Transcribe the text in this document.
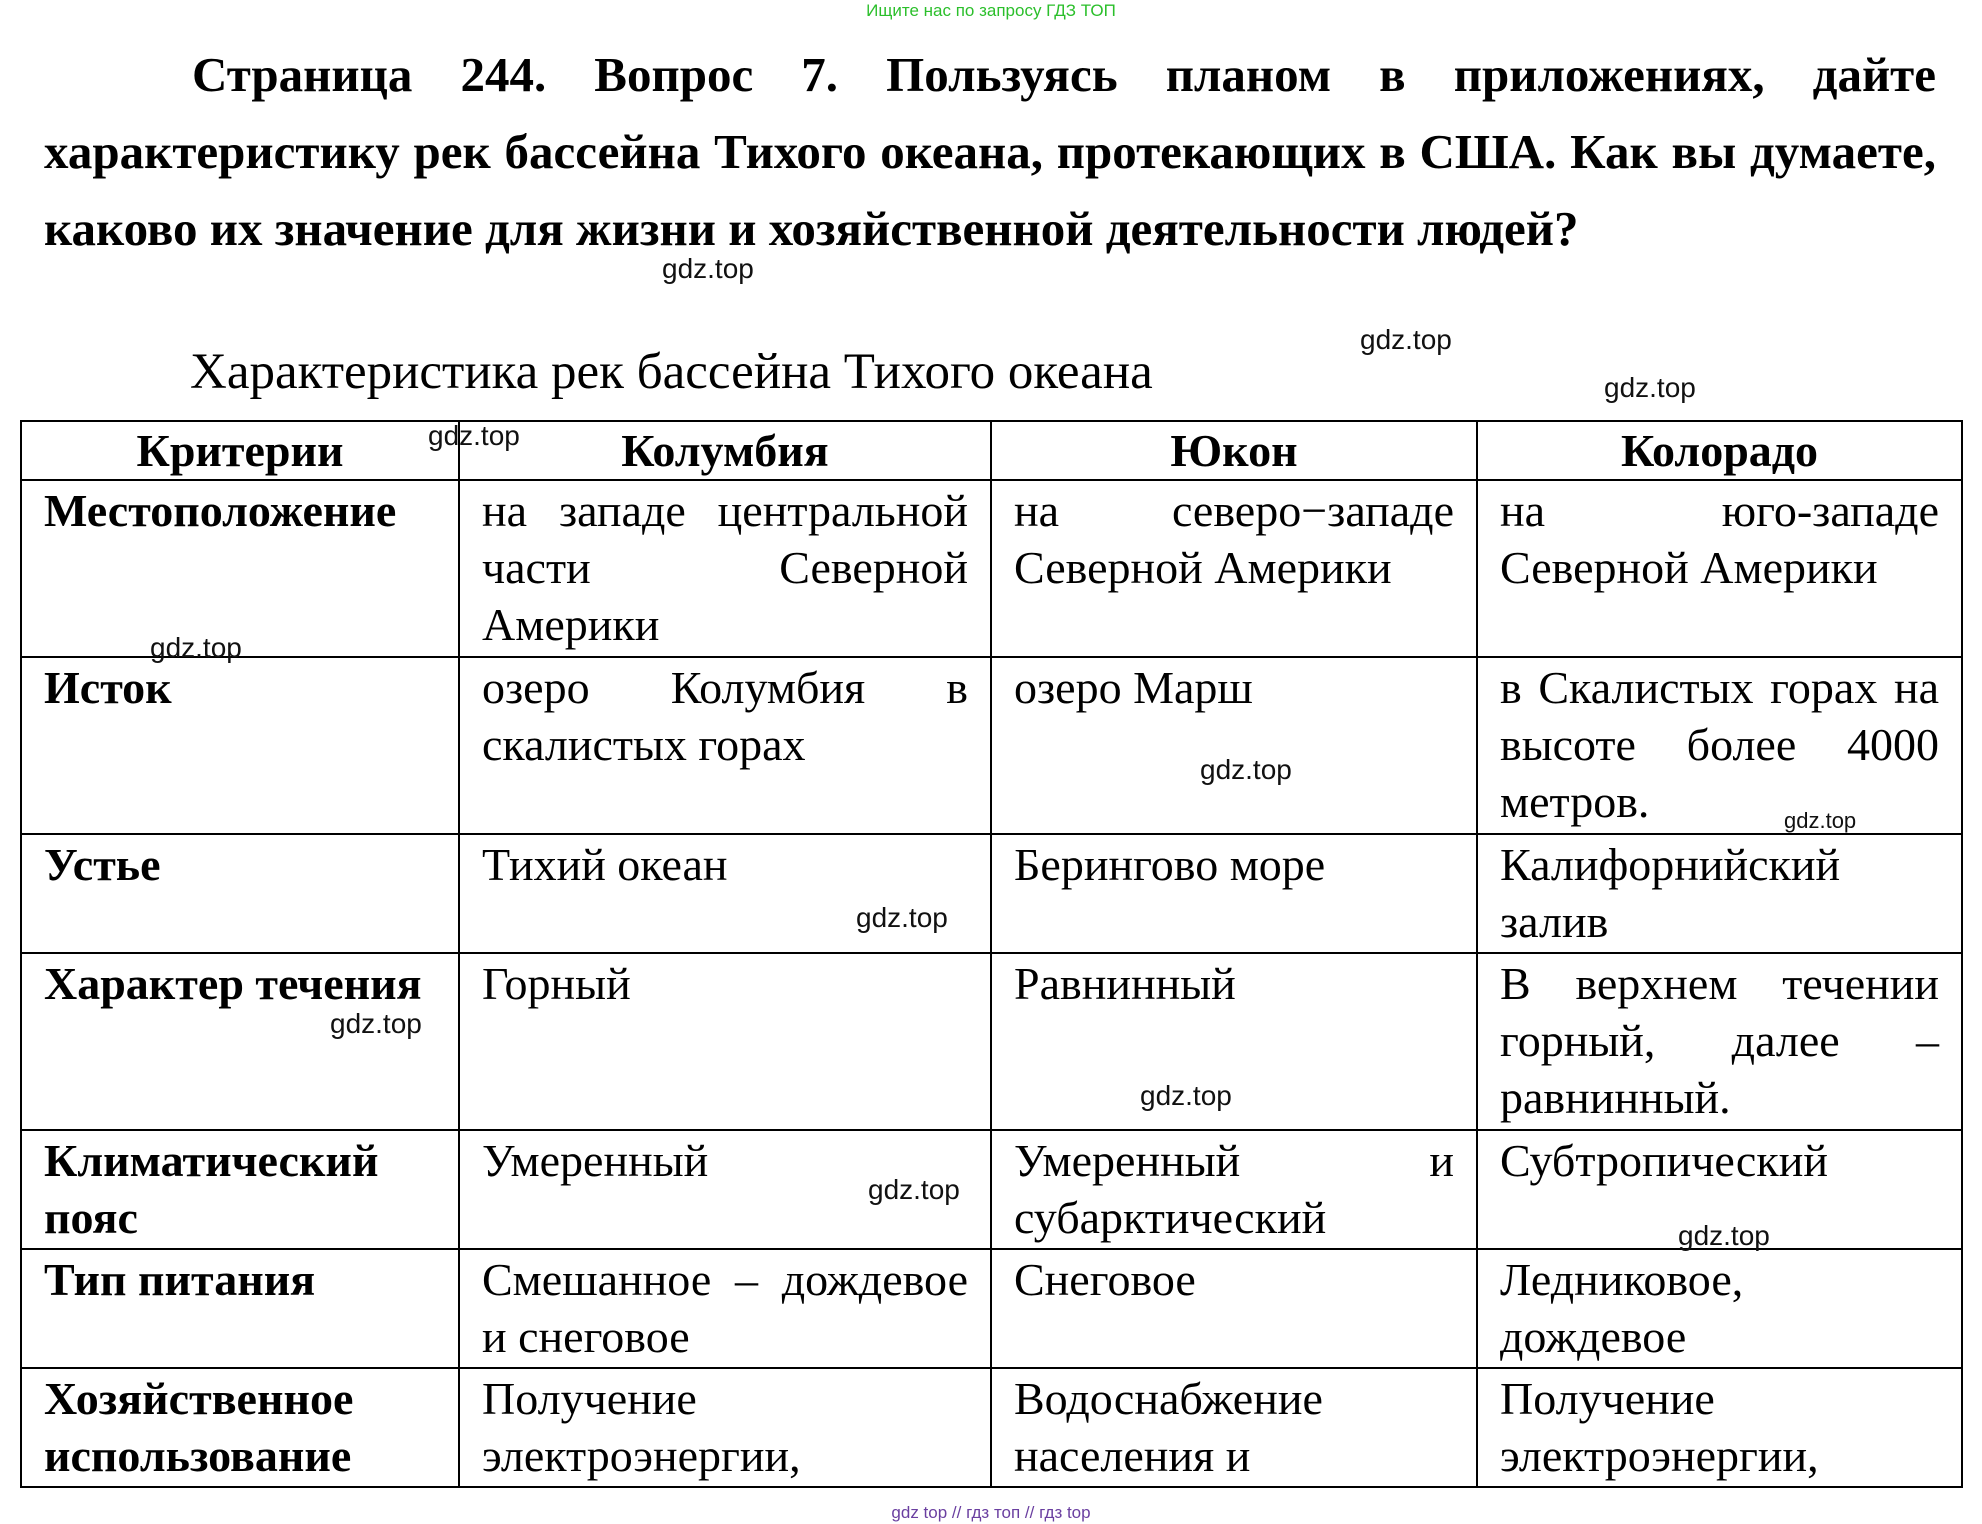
Ищите нас по запросу ГДЗ ТОП
Страница 244. Вопрос 7. Пользуясь планом в приложениях, дайте характеристику рек бассейна Тихого океана, протекающих в США. Как вы думаете, каково их значение для жизни и хозяйственной деятельности людей?
Характеристика рек бассейна Тихого океана
Критерии	Колумбия	Юкон	Колорадо
Местоположение	на западе центральной части Северной Америки	на северо−западе Северной Америки	на юго-западе Северной Америки
Исток	озеро Колумбия в скалистых горах	озеро Марш	в Скалистых горах на высоте более 4000 метров.
Устье	Тихий океан	Берингово море	Калифорнийский залив
Характер течения	Горный	Равнинный	В верхнем течении горный, далее – равнинный.
Климатический пояс	Умеренный	Умеренный и субарктический	Субтропический
Тип питания	Смешанное – дождевое и снеговое	Снеговое	Ледниковое, дождевое
Хозяйственное использование	Получение электроэнергии,	Водоснабжение населения и	Получение электроэнергии,
gdz.top
gdz.top
gdz.top
gdz.top
gdz.top
gdz.top
gdz.top
gdz.top
gdz.top
gdz.top
gdz.top
gdz.top
gdz top // гдз топ // гдз top
